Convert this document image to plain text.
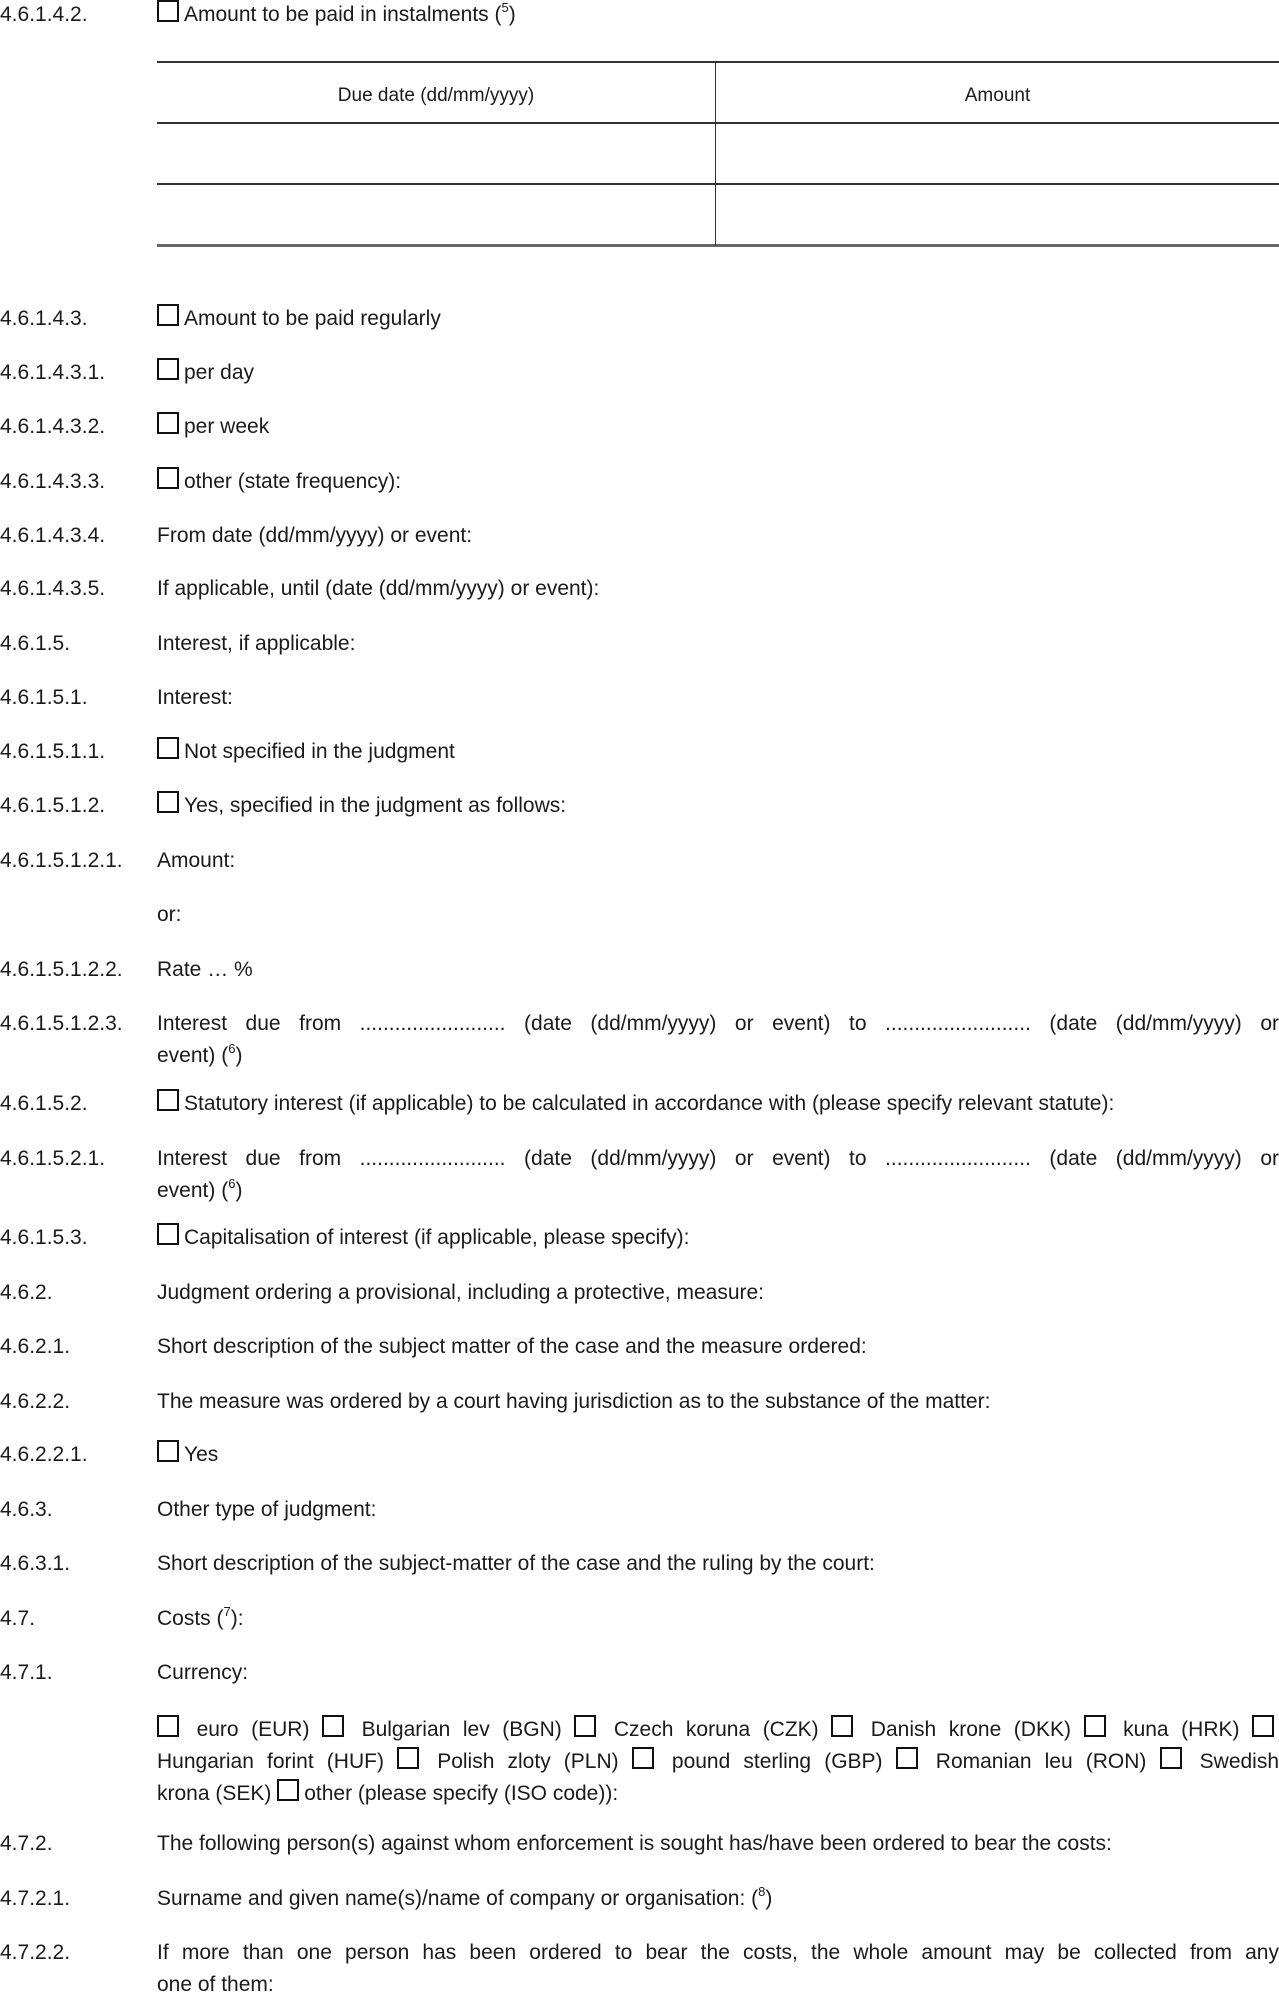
4.6.1.4.2.	Amount to be paid in instalments ($^5$)
Due date (dd/mm/yyyy)	Amount
4.6.1.4.3.	Amount to be paid regularly
4.6.1.4.3.1.	per day
4.6.1.4.3.2.	per week
4.6.1.4.3.3.	other (state frequency):
4.6.1.4.3.4. From date (dd/mm/yyyy) or event:
4.6.1.4.3.5. If applicable, until (date (dd/mm/yyyy) or event):
4.6.1.5.	Interest, if applicable:
4.6.1.5.1.	Interest:
4.6.1.5.1.1.	Not specified in the judgment
4.6.1.5.1.2.	Yes, specified in the judgment as follows:
4.6.1.5.1.2.1. Amount:
or:
4.6.1.5.1.2.2. Rate … %
4.6.1.5.1.2.3. Interest due from ......................... (date (dd/mm/yyyy) or event) to ......................... (date (dd/mm/yyyy) or
event) ($^6$)
4.6.1.5.2.	Statutory interest (if applicable) to be calculated in accordance with (please specify relevant statute):
4.6.1.5.2.1. Interest due from ......................... (date (dd/mm/yyyy) or event) to ......................... (date (dd/mm/yyyy) or
event) ($^6$)
4.6.1.5.3.	Capitalisation of interest (if applicable, please specify):
4.6.2.	Judgment ordering a provisional, including a protective, measure:
4.6.2.1.	Short description of the subject matter of the case and the measure ordered:
4.6.2.2.	The measure was ordered by a court having jurisdiction as to the substance of the matter:
4.6.2.2.1.	Yes
4.6.3.	Other type of judgment:
4.6.3.1.	Short description of the subject-matter of the case and the ruling by the court:
4.7.	Costs ($^7$):
4.7.1.	Currency:
euro (EUR)  Bulgarian lev (BGN)  Czech koruna (CZK)  Danish krone (DKK)  kuna (HRK)
Hungarian forint (HUF)  Polish zloty (PLN)  pound sterling (GBP)  Romanian leu (RON)  Swedish
krona (SEK) other (please specify (ISO code)):
4.7.2.	The following person(s) against whom enforcement is sought has/have been ordered to bear the costs:
4.7.2.1.	Surname and given name(s)/name of company or organisation: ($^8$)
4.7.2.2.	If more than one person has been ordered to bear the costs, the whole amount may be collected from any
one of them:
